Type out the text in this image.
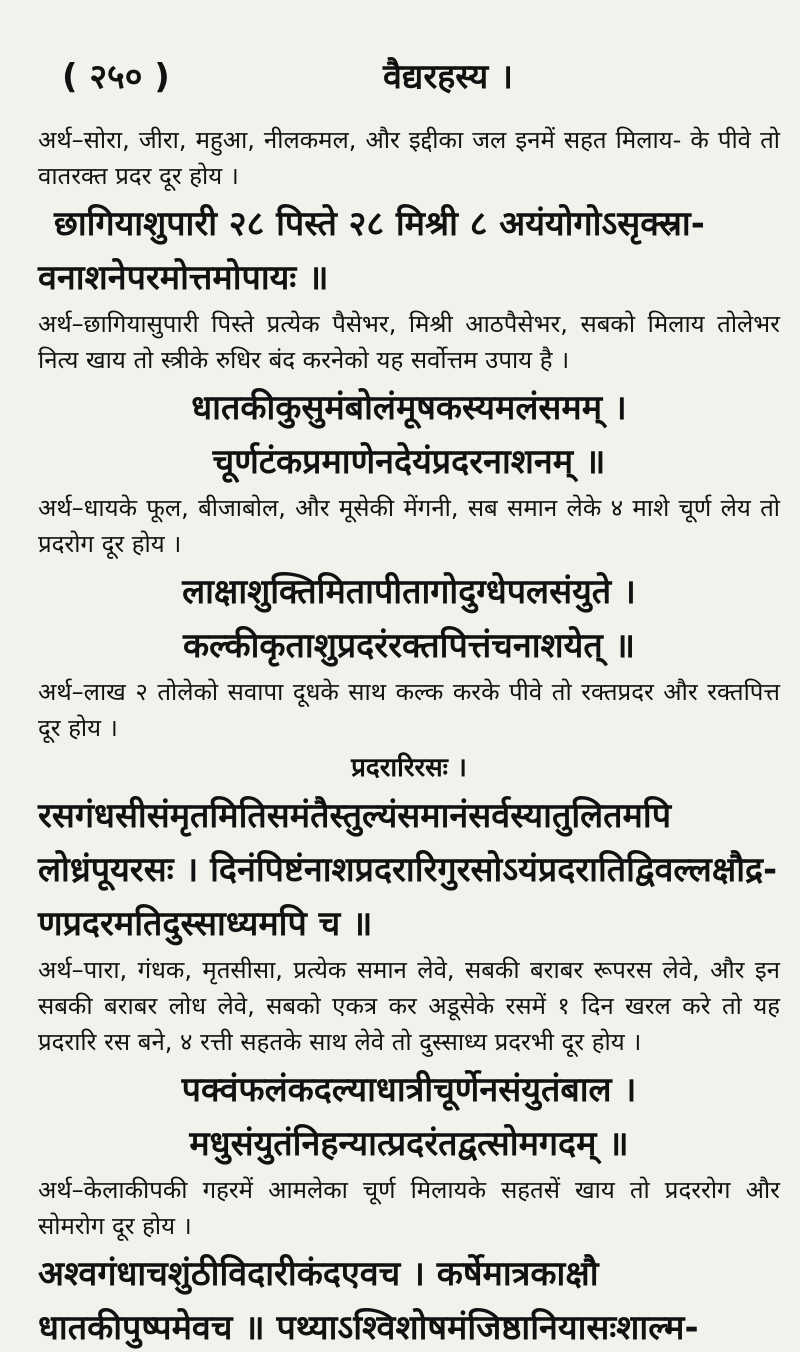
( २५० )	वैद्यरहस्य ।

अर्थ–सोरा, जीरा, महुआ, नीलकमल, और इद्दीका जल इनमें सहत मिलाय- के पीवे तो वातरक्त प्रदर दूर होय ।

छागियाशुपारी २८ पिस्ते २८ मिश्री ८ अयंयोगोऽसृक्स्रा-

वनाशनेपरमोत्तमोपायः ॥

अर्थ–छागियासुपारी पिस्ते प्रत्येक पैसेभर, मिश्री आठपैसेभर, सबको मिलाय तोलेभर नित्य खाय तो स्त्रीके रुधिर बंद करनेको यह सर्वोत्तम उपाय है ।

धातकीकुसुमंबोलंमूषकस्यमलंसमम् ।

चूर्णटंकप्रमाणेनदेयंप्रदरनाशनम् ॥

अर्थ–धायके फूल, बीजाबोल, और मूसेकी मेंगनी, सब समान लेके ४ माशे चूर्ण लेय तो प्रदरोग दूर होय ।

लाक्षाशुक्तिमितापीतागोदुग्धेपलसंयुते ।

कल्कीकृताशुप्रदरंरक्तपित्तंचनाशयेत् ॥

अर्थ–लाख २ तोलेको सवापा दूधके साथ कल्क करके पीवे तो रक्तप्रदर और रक्तपित्त दूर होय ।

प्रदरारिरसः ।

रसगंधसीसंमृतमितिसमंतैस्तुल्यंसमानंसर्वस्यातुलितमपि

लोध्रंपूयरसः । दिनंपिष्टंनाशप्रदरारिगुरसोऽयंप्रदरातिद्विवल्लक्षौद्र-

णप्रदरमतिदुस्साध्यमपि च ॥

अर्थ–पारा, गंधक, मृतसीसा, प्रत्येक समान लेवे, सबकी बराबर रूपरस लेवे, और इन सबकी बराबर लोध लेवे, सबको एकत्र कर अडूसेके रसमें १ दिन खरल करे तो यह प्रदरारि रस बने, ४ रत्ती सहतके साथ लेवे तो दुस्साध्य प्रदरभी दूर होय ।

पक्वंफलंकदल्याधात्रीचूर्णेनसंयुतंबाल ।

मधुसंयुतंनिहन्यात्प्रदरंतद्वत्सोमगदम् ॥

अर्थ–केलाकीपकी गहरमें आमलेका चूर्ण मिलायके सहतसें खाय तो प्रदररोग और सोमरोग दूर होय ।

अश्वगंधाचशुंठीविदारीकंदएवच । कर्षेमात्रकाक्षौ

धातकीपुष्पमेवच ॥ पथ्याऽश्विशोषमंजिष्ठानियासःशाल्म-
